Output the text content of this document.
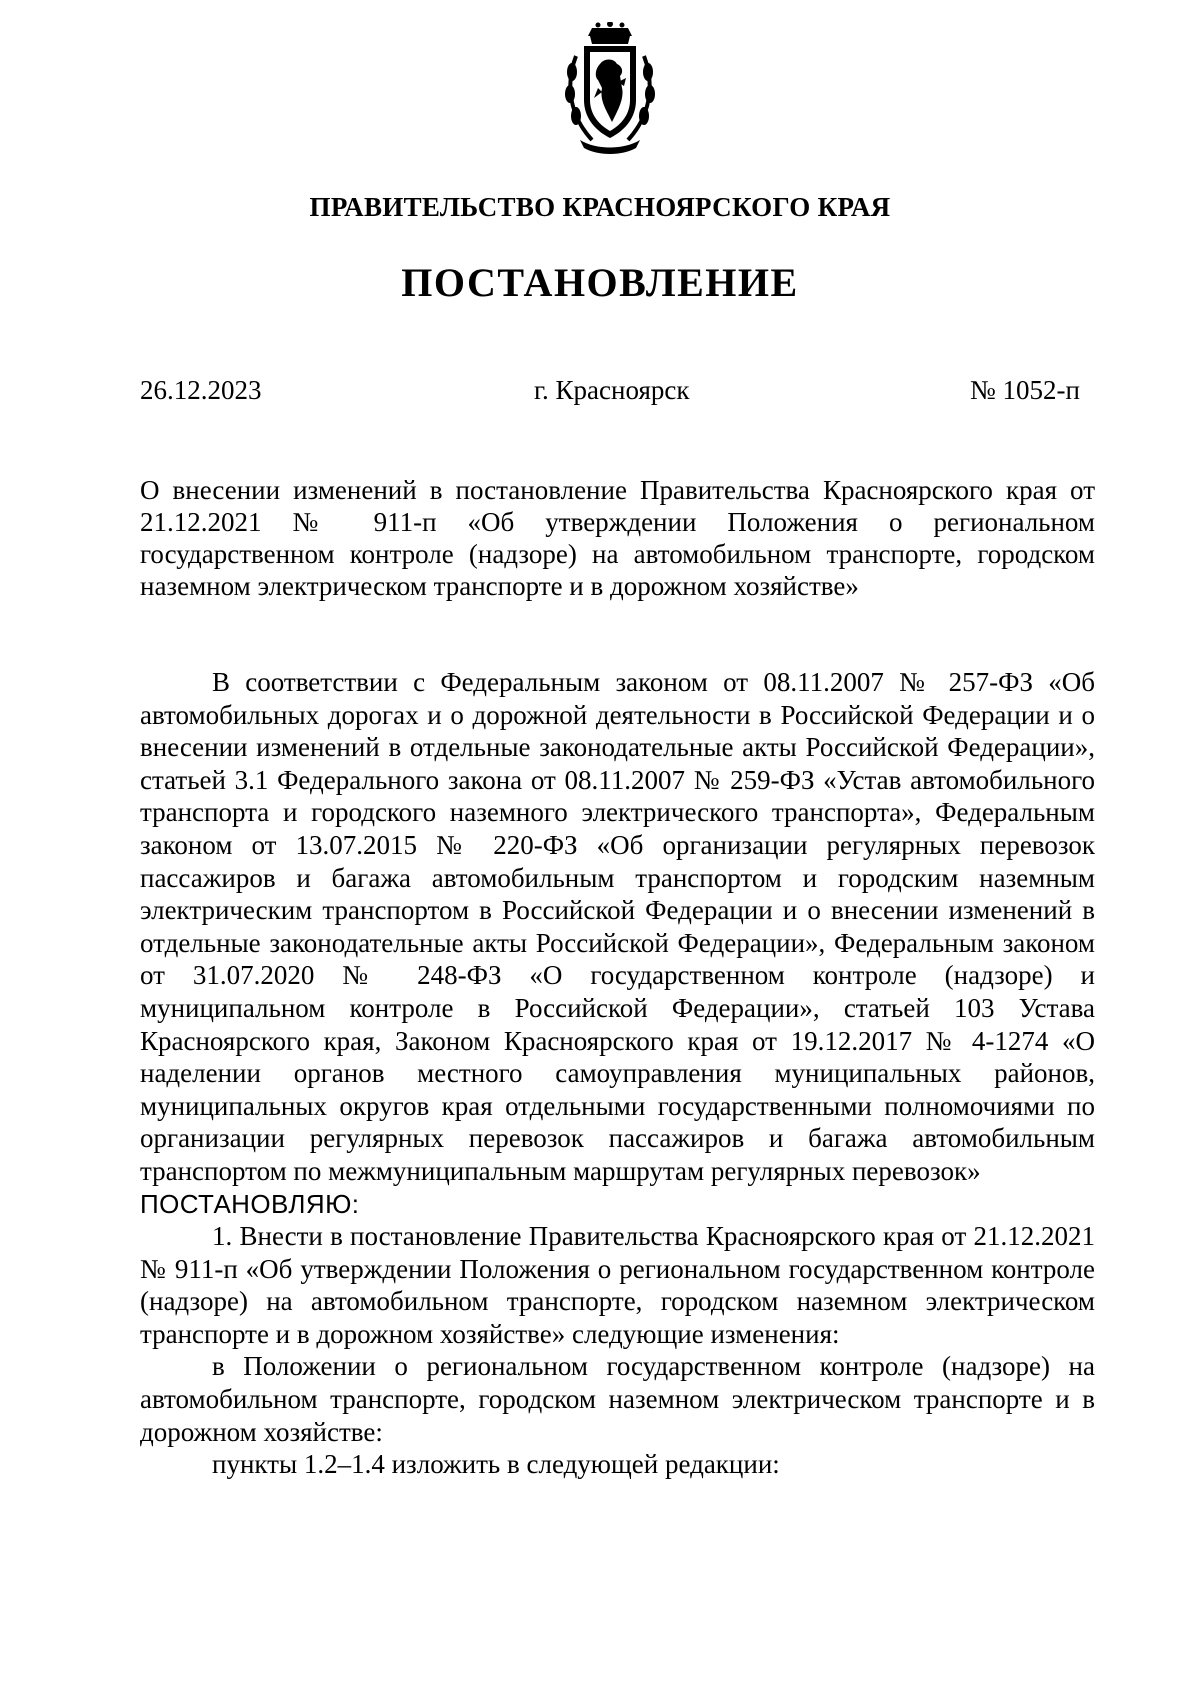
ПРАВИТЕЛЬСТВО КРАСНОЯРСКОГО КРАЯ
ПОСТАНОВЛЕНИЕ
26.12.2023	г. Красноярск	№ 1052-п
О внесении изменений в постановление Правительства Красноярского края от 21.12.2021 № 911-п «Об утверждении Положения о региональном государственном контроле (надзоре) на автомобильном транспорте, городском наземном электрическом транспорте и в дорожном хозяйстве»

В соответствии с Федеральным законом от 08.11.2007 № 257-ФЗ «Об автомобильных дорогах и о дорожной деятельности в Российской Федерации и о внесении изменений в отдельные законодательные акты Российской Федерации», статьей 3.1 Федерального закона от 08.11.2007 № 259-ФЗ «Устав автомобильного транспорта и городского наземного электрического транспорта», Федеральным законом от 13.07.2015 № 220-ФЗ «Об организации регулярных перевозок пассажиров и багажа автомобильным транспортом и городским наземным электрическим транспортом в Российской Федерации и о внесении изменений в отдельные законодательные акты Российской Федерации», Федеральным законом от 31.07.2020 № 248-ФЗ «О государственном контроле (надзоре) и муниципальном контроле в Российской Федерации», статьей 103 Устава Красноярского края, Законом Красноярского края от 19.12.2017 № 4-1274 «О наделении органов местного самоуправления муниципальных районов, муниципальных округов края отдельными государственными полномочиями по организации регулярных перевозок пассажиров и багажа автомобильным транспортом по межмуниципальным маршрутам регулярных перевозок»

ПОСТАНОВЛЯЮ:

1. Внести в постановление Правительства Красноярского края от 21.12.2021 № 911-п «Об утверждении Положения о региональном государственном контроле (надзоре) на автомобильном транспорте, городском наземном электрическом транспорте и в дорожном хозяйстве» следующие изменения:

в Положении о региональном государственном контроле (надзоре) на автомобильном транспорте, городском наземном электрическом транспорте и в дорожном хозяйстве:

пункты 1.2–1.4 изложить в следующей редакции:
